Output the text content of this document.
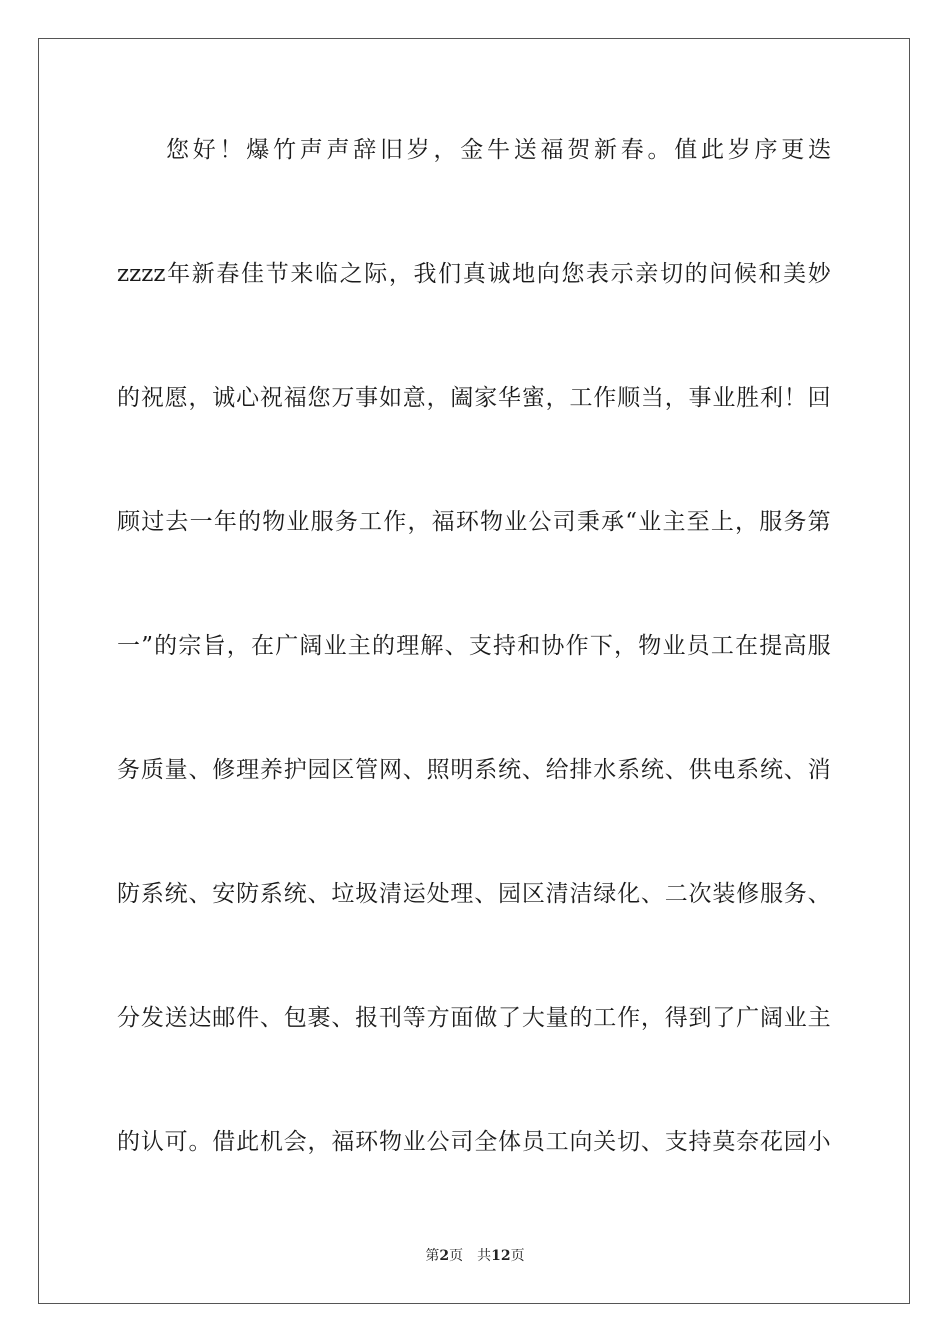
您 好 ！ 爆 竹 声 声 辞 旧 岁 ， 金 牛 送 福 贺 新 春 。 值 此 岁 序 更 迭
zzzz 年 新 春 佳 节 来 临 之 际 ， 我 们 真 诚 地 向 您 表 示 亲 切 的 问 候 和 美 妙
的 祝 愿 ， 诚 心 祝 福 您 万 事 如 意 ， 阖 家 华 蜜 ， 工 作 顺 当 ， 事 业 胜 利 ！ 回
顾 过 去 一 年 的 物 业 服 务 工 作 ， 福 环 物 业 公 司 秉 承 “ 业 主 至 上 ， 服 务 第
一 ” 的 宗 旨 ， 在 广 阔 业 主 的 理 解 、 支 持 和 协 作 下 ， 物 业 员 工 在 提 高 服
务 质 量 、 修 理 养 护 园 区 管 网 、 照 明 系 统 、 给 排 水 系 统 、 供 电 系 统 、 消
防 系 统 、 安 防 系 统 、 垃 圾 清 运 处 理 、 园 区 清 洁 绿 化 、 二 次 装 修 服 务 、
分 发 送 达 邮 件 、 包 裹 、 报 刊 等 方 面 做 了 大 量 的 工 作 ， 得 到 了 广 阔 业 主
的 认 可 。 借 此 机 会 ， 福 环 物 业 公 司 全 体 员 工 向 关 切 、 支 持 莫 奈 花 园 小
第2页 共12页
